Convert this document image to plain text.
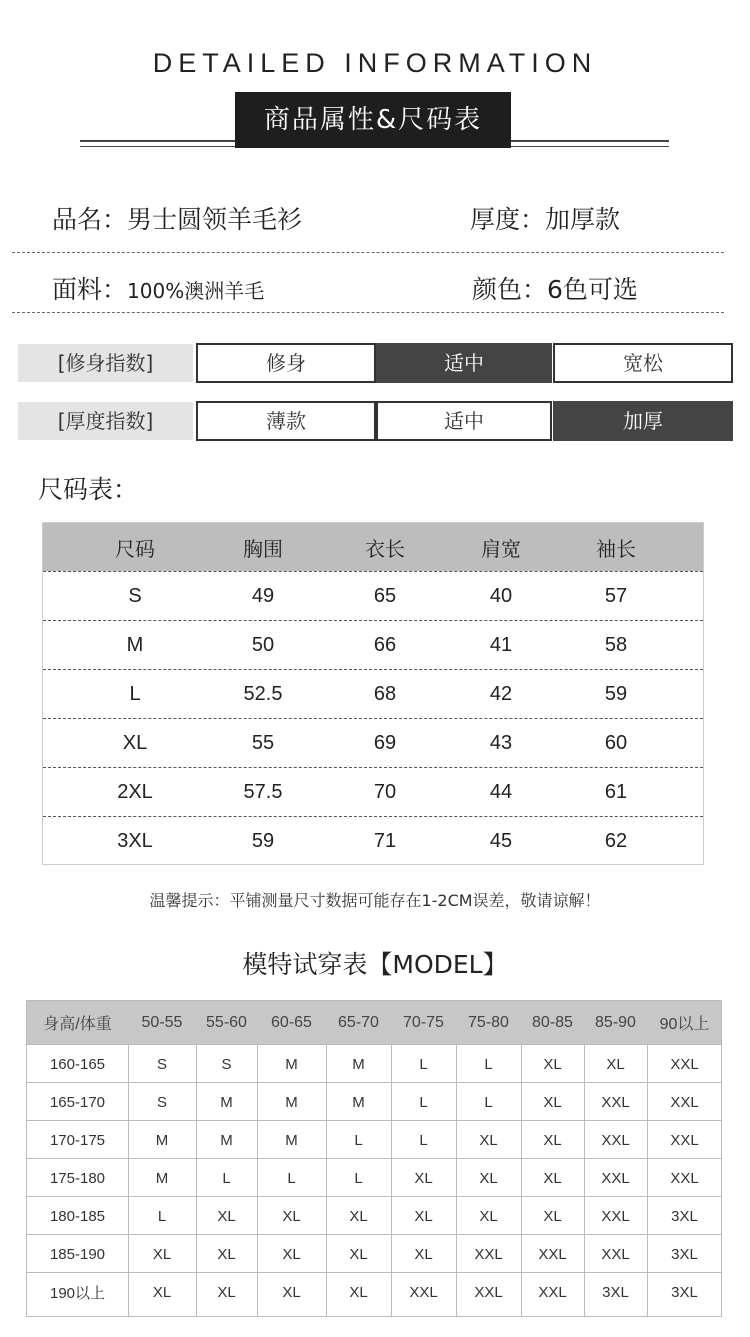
DETAILED INFORMATION
商品属性&尺码表
品名：男士圆领羊毛衫	厚度：加厚款
面料：100%澳洲羊毛	颜色：6色可选
[修身指数]	修身	适中	宽松
[厚度指数]	薄款	适中	加厚
尺码表：
尺码	胸围	衣长	肩宽	袖长
S	49	65	40	57
M	50	66	41	58
L	52.5	68	42	59
XL	55	69	43	60
2XL	57.5	70	44	61
3XL	59	71	45	62
温馨提示：平铺测量尺寸数据可能存在1-2CM误差，敬请谅解！
模特试穿表【MODEL】
身高/体重	50-55	55-60	60-65	65-70	70-75	75-80	80-85	85-90	90以上
160-165	S	S	M	M	L	L	XL	XL	XXL
165-170	S	M	M	M	L	L	XL	XXL	XXL
170-175	M	M	M	L	L	XL	XL	XXL	XXL
175-180	M	L	L	L	XL	XL	XL	XXL	XXL
180-185	L	XL	XL	XL	XL	XL	XL	XXL	3XL
185-190	XL	XL	XL	XL	XL	XXL	XXL	XXL	3XL
190以上	XL	XL	XL	XL	XXL	XXL	XXL	3XL	3XL
